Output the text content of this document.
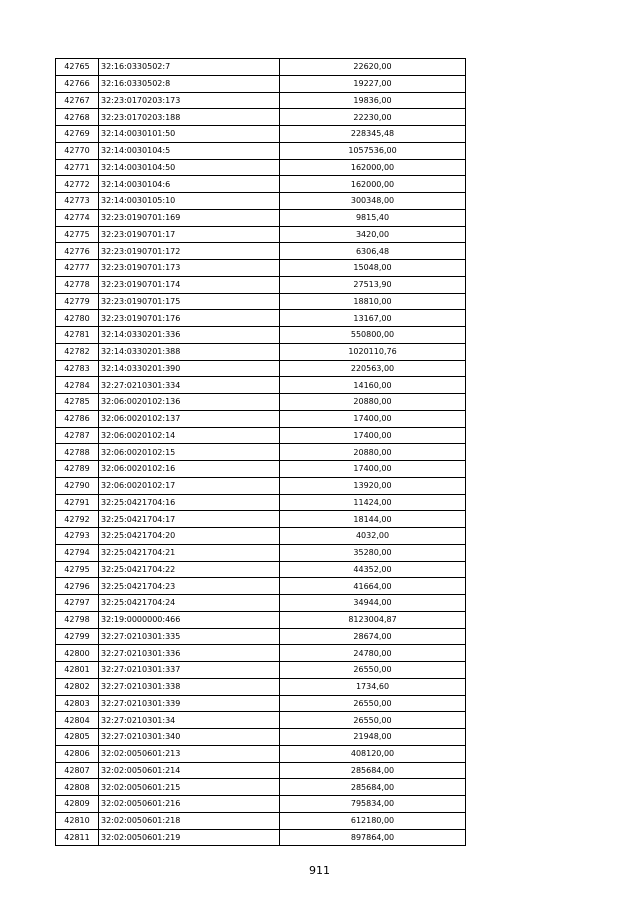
42765	32:16:0330502:7	22620,00
42766	32:16:0330502:8	19227,00
42767	32:23:0170203:173	19836,00
42768	32:23:0170203:188	22230,00
42769	32:14:0030101:50	228345,48
42770	32:14:0030104:5	1057536,00
42771	32:14:0030104:50	162000,00
42772	32:14:0030104:6	162000,00
42773	32:14:0030105:10	300348,00
42774	32:23:0190701:169	9815,40
42775	32:23:0190701:17	3420,00
42776	32:23:0190701:172	6306,48
42777	32:23:0190701:173	15048,00
42778	32:23:0190701:174	27513,90
42779	32:23:0190701:175	18810,00
42780	32:23:0190701:176	13167,00
42781	32:14:0330201:336	550800,00
42782	32:14:0330201:388	1020110,76
42783	32:14:0330201:390	220563,00
42784	32:27:0210301:334	14160,00
42785	32:06:0020102:136	20880,00
42786	32:06:0020102:137	17400,00
42787	32:06:0020102:14	17400,00
42788	32:06:0020102:15	20880,00
42789	32:06:0020102:16	17400,00
42790	32:06:0020102:17	13920,00
42791	32:25:0421704:16	11424,00
42792	32:25:0421704:17	18144,00
42793	32:25:0421704:20	4032,00
42794	32:25:0421704:21	35280,00
42795	32:25:0421704:22	44352,00
42796	32:25:0421704:23	41664,00
42797	32:25:0421704:24	34944,00
42798	32:19:0000000:466	8123004,87
42799	32:27:0210301:335	28674,00
42800	32:27:0210301:336	24780,00
42801	32:27:0210301:337	26550,00
42802	32:27:0210301:338	1734,60
42803	32:27:0210301:339	26550,00
42804	32:27:0210301:34	26550,00
42805	32:27:0210301:340	21948,00
42806	32:02:0050601:213	408120,00
42807	32:02:0050601:214	285684,00
42808	32:02:0050601:215	285684,00
42809	32:02:0050601:216	795834,00
42810	32:02:0050601:218	612180,00
42811	32:02:0050601:219	897864,00
911
